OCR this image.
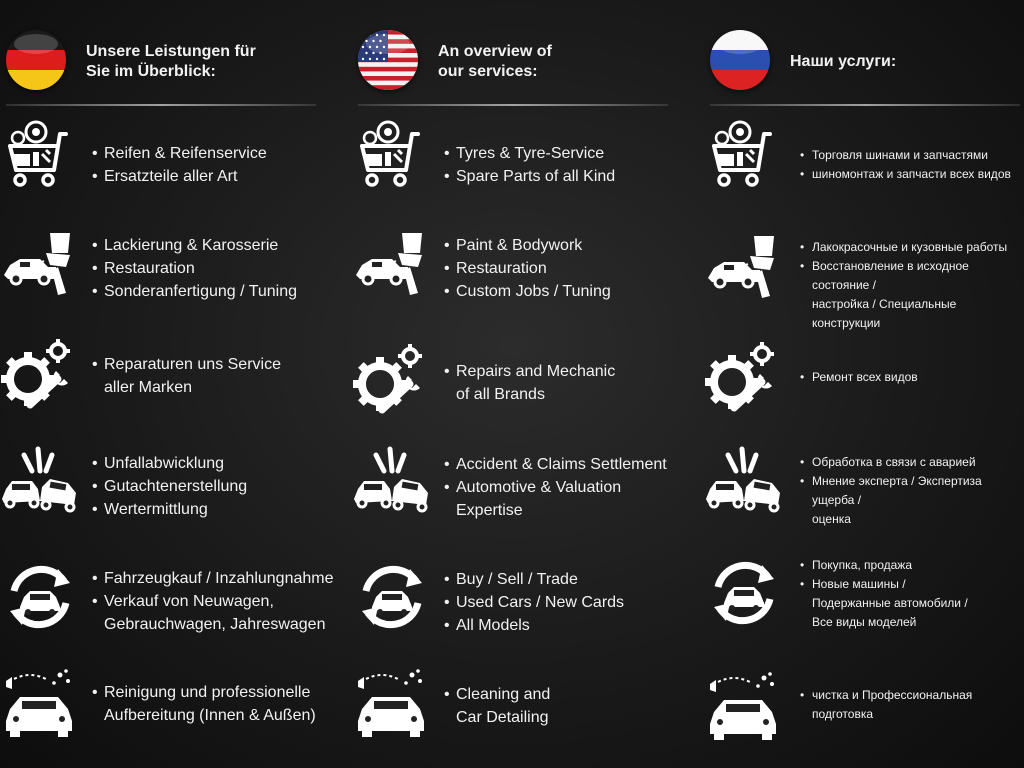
Unsere Leistungen für
Sie im Überblick:
• Reifen & Reifenservice
• Ersatzteile aller Art
• Lackierung & Karosserie
• Restauration
• Sonderanfertigung / Tuning
• Reparaturen uns Service
aller Marken
• Unfallabwicklung
• Gutachtenerstellung
• Wertermittlung
• Fahrzeugkauf / Inzahlungnahme
• Verkauf von Neuwagen,
Gebrauchwagen, Jahreswagen
• Reinigung und professionelle
Aufbereitung (Innen & Außen)
An overview of
our services:
• Tyres & Tyre-Service
• Spare Parts of all Kind
• Paint & Bodywork
• Restauration
• Custom Jobs / Tuning
• Repairs and Mechanic
of all Brands
• Accident & Claims Settlement
• Automotive & Valuation
Expertise
• Buy / Sell / Trade
• Used Cars / New Cards
• All Models
• Cleaning and
Car Detailing
Наши услуги:
• Торговля шинами и запчастями
• шиномонтаж и запчасти всех видов
• Лакокрасочные и кузовные работы
• Восстановление в исходное состояние /
настройка / Специальные конструкции
• Ремонт всех видов
• Обработка в связи с аварией
• Мнение эксперта / Экспертиза ущерба /
оценка
• Покупка, продажа
• Новые машины /
Подержанные автомобили /
Все виды моделей
• чистка и Профессиональная
подготовка
